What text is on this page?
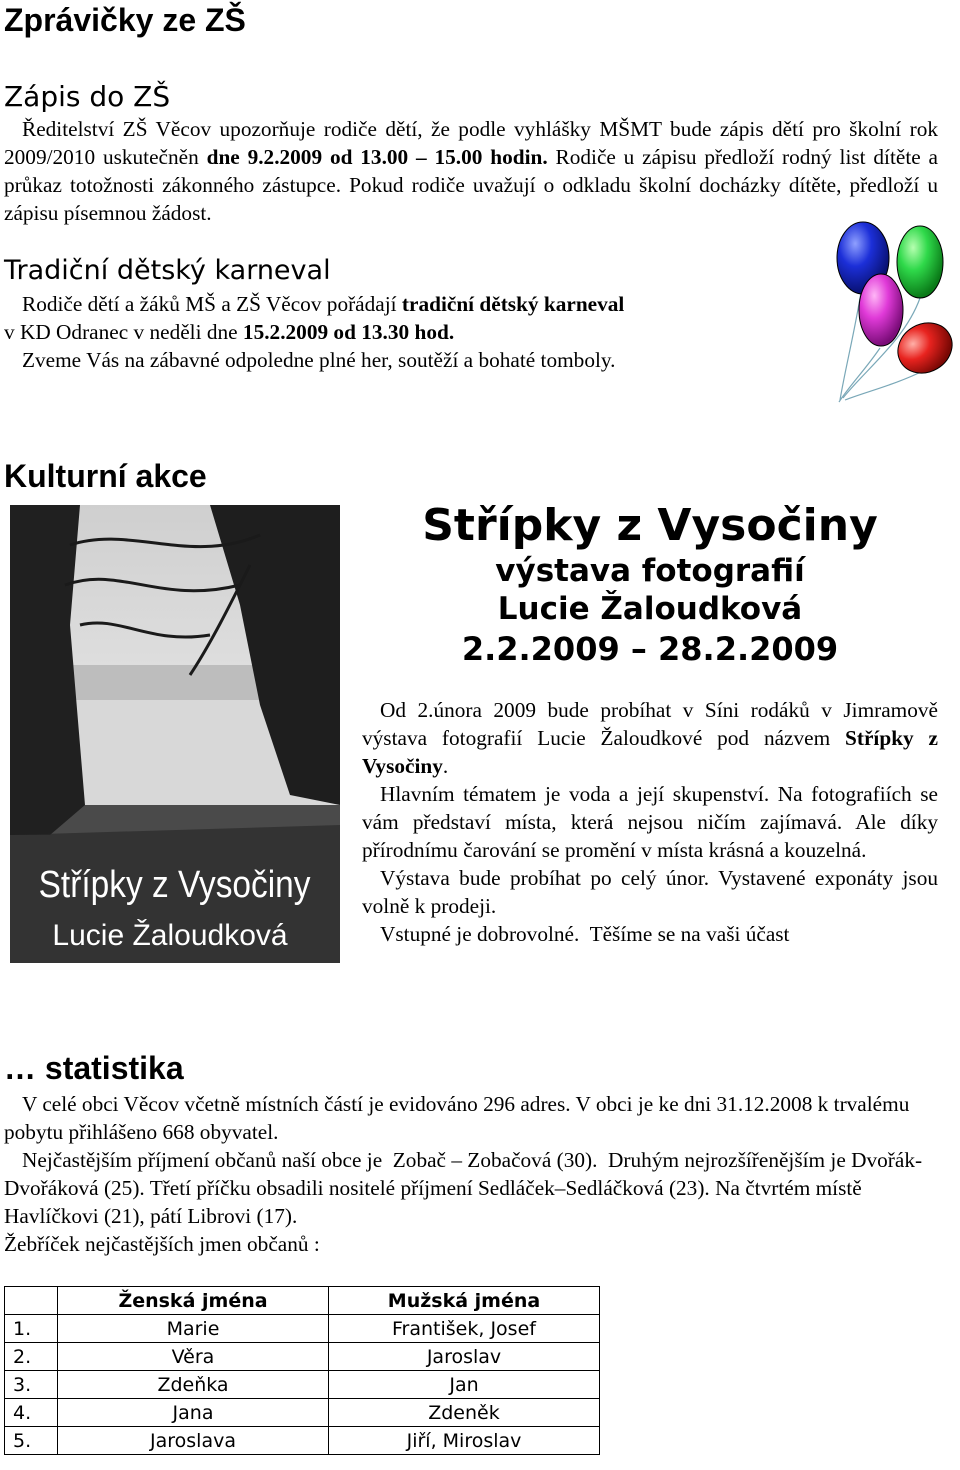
Zprávičky ze ZŠ
Zápis do ZŠ
Ředitelství ZŠ Věcov upozorňuje rodiče dětí, že podle vyhlášky MŠMT bude zápis dětí pro školní rok 2009/2010 uskutečněn dne 9.2.2009 od 13.00 – 15.00 hodin. Rodiče u zápisu předloží rodný list dítěte a průkaz totožnosti zákonného zástupce. Pokud rodiče uvažují o odkladu školní docházky dítěte, předloží u zápisu písemnou žádost.
Tradiční dětský karneval
Rodiče dětí a žáků MŠ a ZŠ Věcov pořádají tradiční dětský karneval
v KD Odranec v neděli dne 15.2.2009 od 13.30 hod.
Zveme Vás na zábavné odpoledne plné her, soutěží a bohaté tomboly.
Kulturní akce
Střípky z Vysočiny
Lucie Žaloudková
Střípky z Vysočiny
výstava fotografií
Lucie Žaloudková
2.2.2009 – 28.2.2009

Od 2.února 2009 bude probíhat v Síni rodáků v Jimramově výstava fotografií Lucie Žaloudkové pod názvem Střípky z Vysočiny.

Hlavním tématem je voda a její skupenství. Na fotografiích se vám představí místa, která nejsou ničím zajímavá. Ale díky přírodnímu čarování se promění v místa krásná a kouzelná.

Výstava bude probíhat po celý únor. Vystavené exponáty jsou volně k prodeji.

Vstupné je dobrovolné.  Těšíme se na vaši účast

… statistika

V celé obci Věcov včetně místních částí je evidováno 296 adres. V obci je ke dni 31.12.2008 k trvalému pobytu přihlášeno 668 obyvatel.

Nejčastějším příjmení občanů naší obce je  Zobač – Zobačová (30).  Druhým nejrozšířenějším je Dvořák-Dvořáková (25). Třetí příčku obsadili nositelé příjmení Sedláček–Sedláčková (23). Na čtvrtém místě  Havlíčkovi (21), pátí Librovi (17).

Žebříček nejčastějších jmen občanů :

	Ženská jména	Mužská jména
1.	Marie	František, Josef
2.	Věra	Jaroslav
3.	Zdeňka	Jan
4.	Jana	Zdeněk
5.	Jaroslava	Jiří, Miroslav
